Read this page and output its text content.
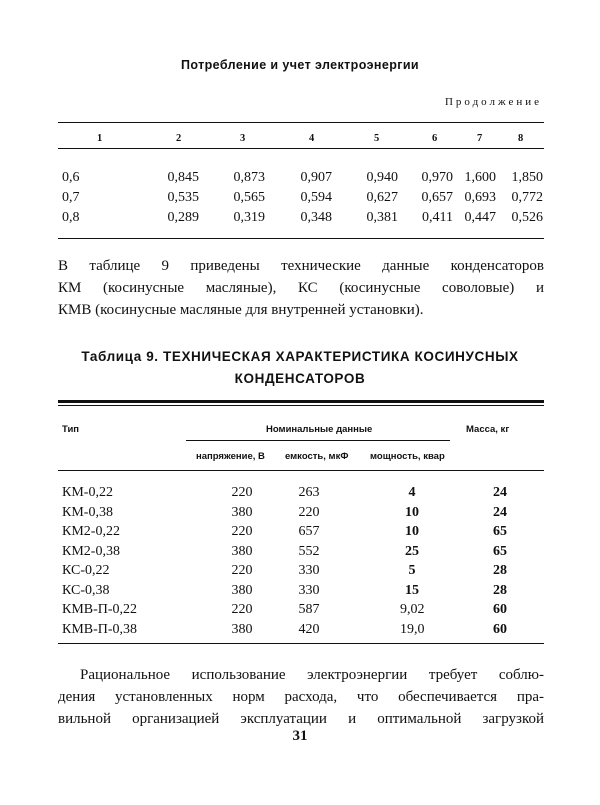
Потребление и учет электроэнергии
Продолжение
1	2	3	4	5	6	7	8
0,6	0,845 0,873	0,907 0,940 0,970 1,600 1,850
0,7	0,535 0,565	0,594 0,627 0,657 0,693 0,772
0,8	0,289 0,319	0,348 0,381 0,411 0,447 0,526
В таблице 9 приведены технические данные конденсаторов
КМ (косинусные масляные), КС (косинусные соволовые) и
КМВ (косинусные масляные для внутренней установки).
Таблица 9. ТЕХНИЧЕСКАЯ ХАРАКТЕРИСТИКА КОСИНУСНЫХ
КОНДЕНСАТОРОВ
Тип	Номинальные данные	Масса, кг
напряжение, В емкость, мкФ мощность, квар
КМ-0,22	220	263	4	24
КМ-0,38	380	220	10	24
КМ2-0,22	220	657	10	65
КМ2-0,38	380	552	25	65
КС-0,22	220	330	5	28
КС-0,38	380	330	15	28
КМВ-П-0,22	220	587	9,02	60
КМВ-П-0,38	380	420	19,0	60
Рациональное использование электроэнергии требует соблю-
дения установленных норм расхода, что обеспечивается пра-
вильной организацией эксплуатации и оптимальной загрузкой
31
